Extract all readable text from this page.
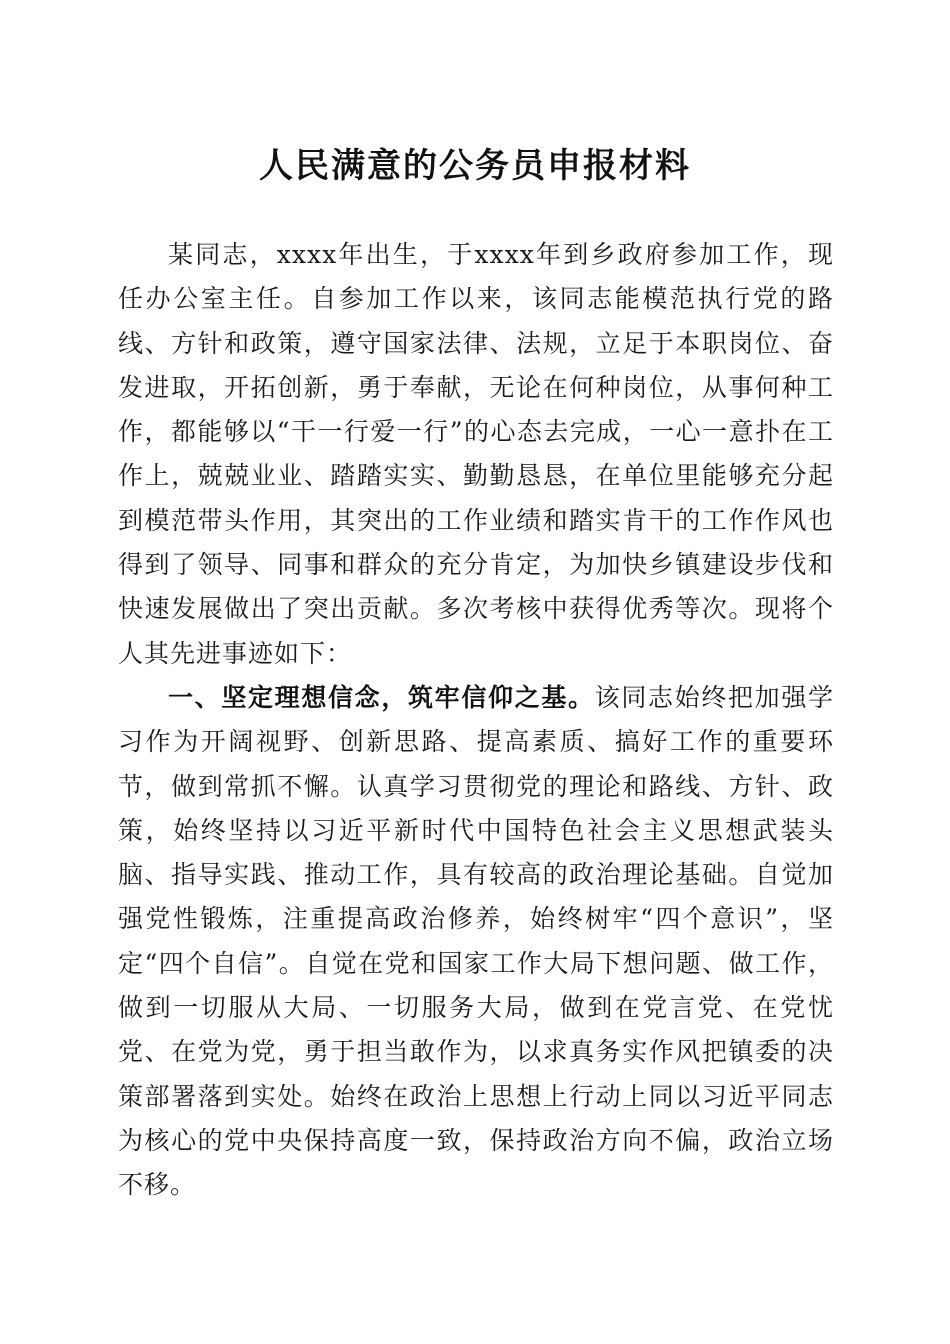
人民满意的公务员申报材料

某同志，xxxx年出生，于xxxx年到乡政府参加工作，现任办公室主任。自参加工作以来，该同志能模范执行党的路线、方针和政策，遵守国家法律、法规，立足于本职岗位、奋发进取，开拓创新，勇于奉献，无论在何种岗位，从事何种工作，都能够以“干一行爱一行”的心态去完成，一心一意扑在工作上，兢兢业业、踏踏实实、勤勤恳恳，在单位里能够充分起到模范带头作用，其突出的工作业绩和踏实肯干的工作作风也得到了领导、同事和群众的充分肯定，为加快乡镇建设步伐和快速发展做出了突出贡献。多次考核中获得优秀等次。现将个人其先进事迹如下：

一、坚定理想信念，筑牢信仰之基。该同志始终把加强学习作为开阔视野、创新思路、提高素质、搞好工作的重要环节，做到常抓不懈。认真学习贯彻党的理论和路线、方针、政策，始终坚持以习近平新时代中国特色社会主义思想武装头脑、指导实践、推动工作，具有较高的政治理论基础。自觉加强党性锻炼，注重提高政治修养，始终树牢“四个意识”，坚定“四个自信”。自觉在党和国家工作大局下想问题、做工作，做到一切服从大局、一切服务大局，做到在党言党、在党忧党、在党为党，勇于担当敢作为，以求真务实作风把镇委的决策部署落到实处。始终在政治上思想上行动上同以习近平同志为核心的党中央保持高度一致，保持政治方向不偏，政治立场不移。
